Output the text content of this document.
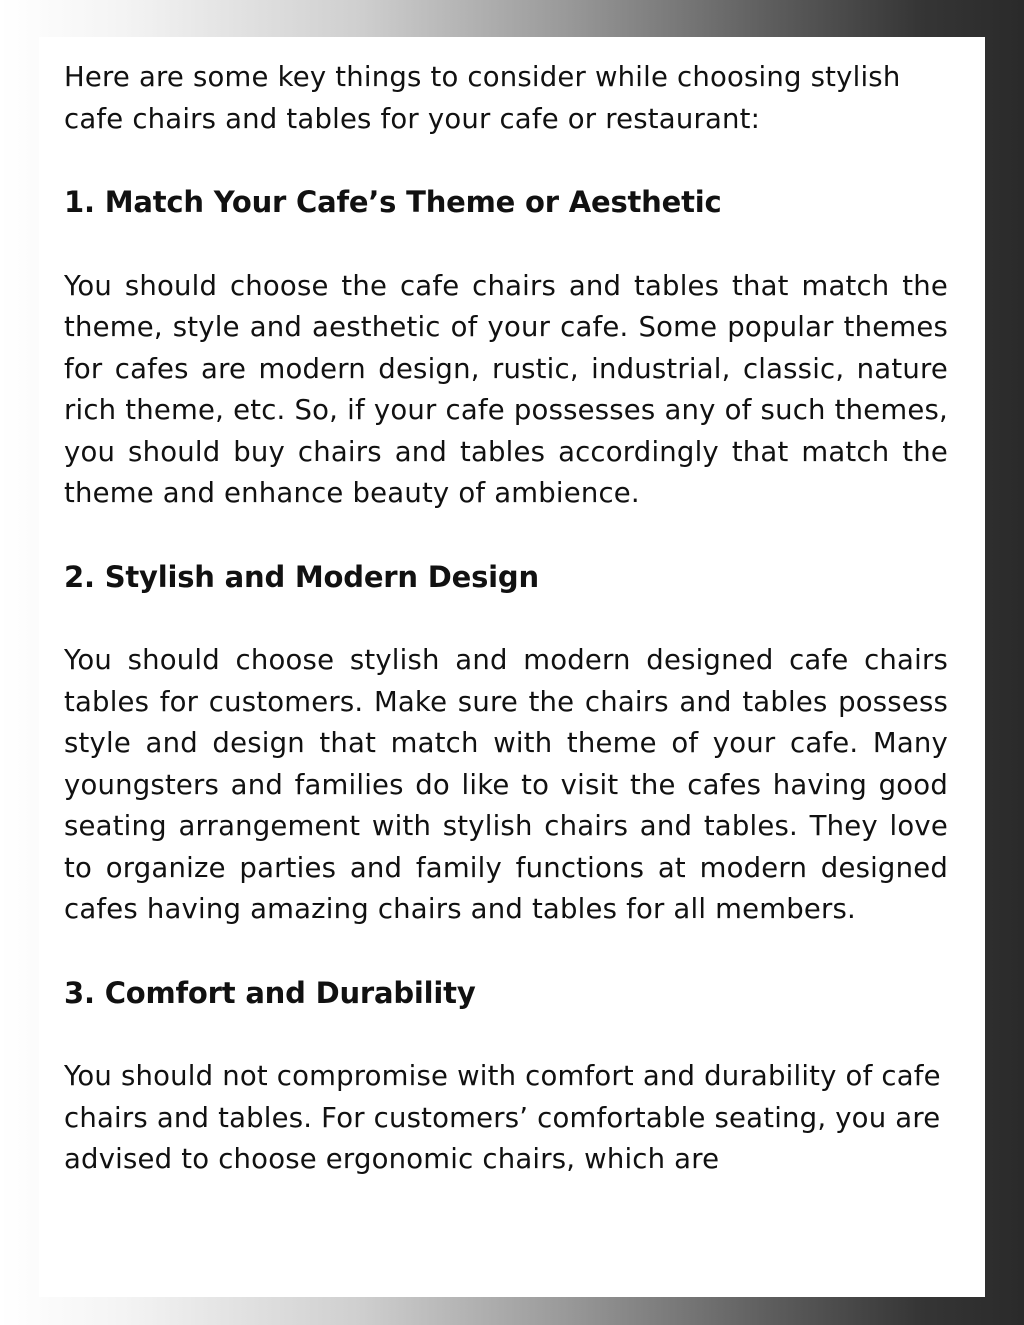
Here are some key things to consider while choosing stylish cafe chairs and tables for your cafe or restaurant:

1. Match Your Cafe’s Theme or Aesthetic

You should choose the cafe chairs and tables that match the theme, style and aesthetic of your cafe. Some popular themes for cafes are modern design, rustic, industrial, classic, nature rich theme, etc. So, if your cafe possesses any of such themes, you should buy chairs and tables accordingly that match the theme and enhance beauty of ambience.

2. Stylish and Modern Design

You should choose stylish and modern designed cafe chairs tables for customers. Make sure the chairs and tables possess style and design that match with theme of your cafe. Many youngsters and families do like to visit the cafes having good seating arrangement with stylish chairs and tables. They love to organize parties and family functions at modern designed cafes having amazing chairs and tables for all members.

3. Comfort and Durability

You should not compromise with comfort and durability of cafe chairs and tables. For customers’ comfortable seating, you are advised to choose ergonomic chairs, which are
